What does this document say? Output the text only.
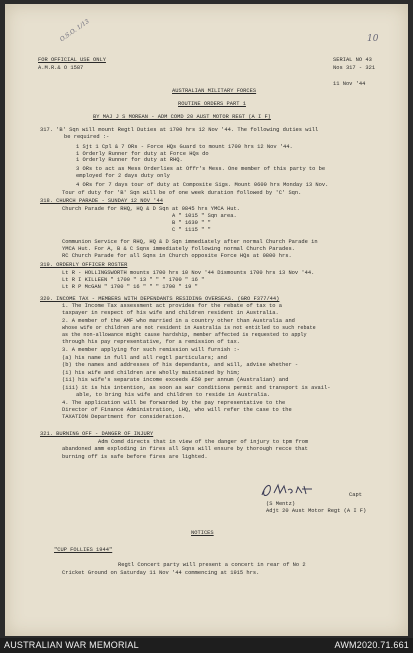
O.S.O. 1/13	10
FOR OFFICIAL USE ONLY
A.M.R.& O 1587
SERIAL NO 43
Nos 317 - 321
11 Nov '44
AUSTRALIAN MILITARY FORCES
ROUTINE ORDERS PART 1
BY MAJ J S MOREAN - ADM COMD 20 AUST MOTOR REGT (A I F)
317. 'B' Sqn will mount Regtl Duties at 1700 hrs 12 Nov '44. The following duties will
be required :-
1 Sjt 1 Cpl & 7 ORs - Force HQs Guard to mount 1700 hrs 12 Nov '44.
1 Orderly Runner for duty at Force HQs do
1 Orderly Runner for duty at RHQ.
3 ORs to act as Mess Orderlies at Offr's Mess. One member of this party to be
employed for 2 days duty only
4 ORs for 7 days tour of duty at Composite Sigs. Mount 0600 hrs Monday 13 Nov.
Tour of duty for 'B' Sqn will be of one week duration followed by 'C' Sqn.
318. CHURCH PARADE - SUNDAY 12 NOV '44
Church Parade for RHQ, HQ & D Sqn at 0845 hrs YMCA Hut.
A " 1015 " Sqn area.
B " 1630 " "
C " 1115 " "
Communion Service for RHQ, HQ & D Sqn immediately after normal Church Parade in
YMCA Hut. For A, B & C Sqns immediately following normal Church Parades.
RC Church Parade for all Sqns in Church opposite Force HQs at 0800 hrs.
319. ORDERLY OFFICER ROSTER
Lt R - HOLLINGSWORTH mounts 1700 hrs 10 Nov '44 Dismounts 1700 hrs 13 Nov '44.
Lt R I KILLEEN " 1700 " 13 " " " 1700 " 16 "
Lt R P McGAN " 1700 " 16 " " " 1700 " 19 "
320. INCOME TAX - MEMBERS WITH DEPENDANTS RESIDING OVERSEAS. (GRO F377/44)
1. The Income Tax assessment act provides for the rebate of tax to a
taxpayer in respect of his wife and children resident in Australia.
2. A member of the AMF who married in a country other than Australia and
whose wife or children are not resident in Australia is not entitled to such rebate
as the non-allowance might cause hardship, member affected is requested to apply
through his pay representative, for a remission of tax.
3. A member applying for such remission will furnish :-
(a) his name in full and all regtl particulars; and
(b) the names and addresses of his dependants, and will, advise whether -
(i) his wife and children are wholly maintained by him;
(ii) his wife's separate income exceeds £50 per annum (Australian) and
(iii) it is his intention, as soon as war conditions permit and transport is avail-
able, to bring his wife and children to reside in Australia.
4. The application will be forwarded by the pay representative to the
Director of Finance Administration, LHQ, who will refer the case to the
TAXATION Department for consideration.
321. BURNING OFF - DANGER OF INJURY
Adm Comd directs that in view of the danger of injury to tpm from
abandoned amm exploding in fires all Sqns will ensure by thorough recce that
burning off is safe before fires are lighted.
Capt
(S Mentz)
Adjt 20 Aust Motor Regt (A I F)
NOTICES
"CUP FOLLIES 1944"
Regtl Concert party will present a concert in rear of No 2
Cricket Ground on Saturday 11 Nov '44 commencing at 1915 hrs.
AUSTRALIAN WAR MEMORIAL	AWM2020.71.661
